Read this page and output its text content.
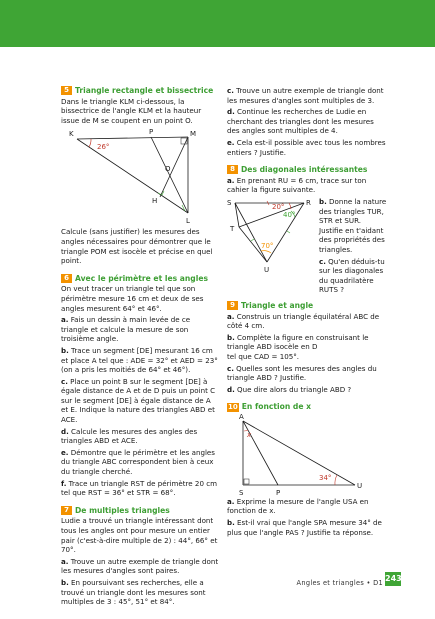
5 Triangle rectangle et bissectrice

Dans le triangle KLM ci-dessous, la bissectrice de l'angle KLM et la hauteur issue de M se coupent en un point O.

K	P	M
O
H
L
26°

Calcule (sans justifier) les mesures des angles nécessaires pour démontrer que le triangle POM est isocèle et précise en quel point.

6 Avec le périmètre et les angles

On veut tracer un triangle tel que son périmètre mesure 16 cm et deux de ses angles mesurent 64° et 46°.

a. Fais un dessin à main levée de ce triangle et calcule la mesure de son troisième angle.

b. Trace un segment [DE] mesurant 16 cm et place A tel que : ADE = 32° et AED = 23° (on a pris les moitiés de 64° et 46°).

c. Place un point B sur le segment [DE] à égale distance de A et de D puis un point C sur le segment [DE] à égale distance de A et E. Indique la nature des triangles ABD et ACE.

d. Calcule les mesures des angles des triangles ABD et ACE.

e. Démontre que le périmètre et les angles du triangle ABC correspondent bien à ceux du triangle cherché.

f. Trace un triangle RST de périmètre 20 cm tel que RST = 36° et STR = 68°.

7 De multiples triangles

Ludie a trouvé un triangle intéressant dont tous les angles ont pour mesure un entier pair (c'est-à-dire multiple de 2) : 44°, 66° et 70°.

a. Trouve un autre exemple de triangle dont les mesures d'angles sont paires.

b. En poursuivant ses recherches, elle a trouvé un triangle dont les mesures sont multiples de 3 : 45°, 51° et 84°.

c. Trouve un autre exemple de triangle dont les mesures d'angles sont multiples de 3.

d. Continue les recherches de Ludie en cherchant des triangles dont les mesures des angles sont multiples de 4.

e. Cela est-il possible avec tous les nombres entiers ? Justifie.

8 Des diagonales intéressantes

a. En prenant RU = 6 cm, trace sur ton cahier la figure suivante.

S	R
T
U
20°
40°
70°

b. Donne la nature des triangles TUR, STR et SUR. Justifie en t'aidant des propriétés des triangles.

c. Qu'en déduis-tu sur les diagonales du quadrilatère RUTS ?

9 Triangle et angle

a. Construis un triangle équilatéral ABC de côté 4 cm.

b. Complète la figure en construisant le triangle ABD isocèle en D

tel que CAD = 105°.

c. Quelles sont les mesures des angles du triangle ABD ? Justifie.

d. Que dire alors du triangle ABD ?

10 En fonction de x
A
S	P
U
x
34°

a. Exprime la mesure de l'angle USA en fonction de x.

b. Est-il vrai que l'angle SPA mesure 34° de plus que l'angle PAS ? Justifie ta réponse.

Angles et triangles • D1 243
